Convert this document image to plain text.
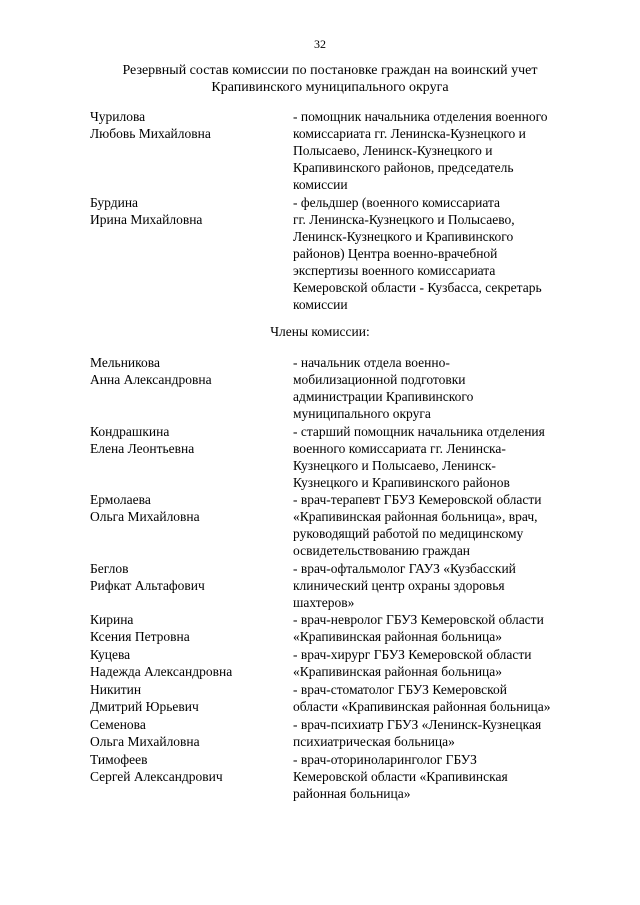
32
Резервный состав комиссии по постановке граждан на воинский учет
Крапивинского муниципального округа
Чурилова
Любовь Михайловна
- помощник начальника отделения военного
комиссариата гг. Ленинска-Кузнецкого и
Полысаево, Ленинск-Кузнецкого и
Крапивинского районов, председатель
комиссии
Бурдина
Ирина Михайловна
- фельдшер (военного комиссариата
гг. Ленинска-Кузнецкого и Полысаево,
Ленинск-Кузнецкого и Крапивинского
районов) Центра военно-врачебной
экспертизы военного комиссариата
Кемеровской области - Кузбасса, секретарь
комиссии
Члены комиссии:
Мельникова
Анна Александровна
- начальник отдела военно-
мобилизационной подготовки
администрации Крапивинского
муниципального округа
Кондрашкина
Елена Леонтьевна
- старший помощник начальника отделения
военного комиссариата гг. Ленинска-
Кузнецкого и Полысаево, Ленинск-
Кузнецкого и Крапивинского районов
Ермолаева
Ольга Михайловна
- врач-терапевт ГБУЗ Кемеровской области
«Крапивинская районная больница», врач,
руководящий работой по медицинскому
освидетельствованию граждан
Беглов
Рифкат Альтафович
- врач-офтальмолог ГАУЗ «Кузбасский
клинический центр охраны здоровья
шахтеров»
Кирина
Ксения Петровна
- врач-невролог ГБУЗ Кемеровской области
«Крапивинская районная больница»
Куцева
Надежда Александровна
- врач-хирург ГБУЗ Кемеровской области
«Крапивинская районная больница»
Никитин
Дмитрий Юрьевич
- врач-стоматолог ГБУЗ Кемеровской
области «Крапивинская районная больница»
Семенова
Ольга Михайловна
- врач-психиатр ГБУЗ «Ленинск-Кузнецкая
психиатрическая больница»
Тимофеев
Сергей Александрович
- врач-оториноларинголог ГБУЗ
Кемеровской области «Крапивинская
районная больница»
